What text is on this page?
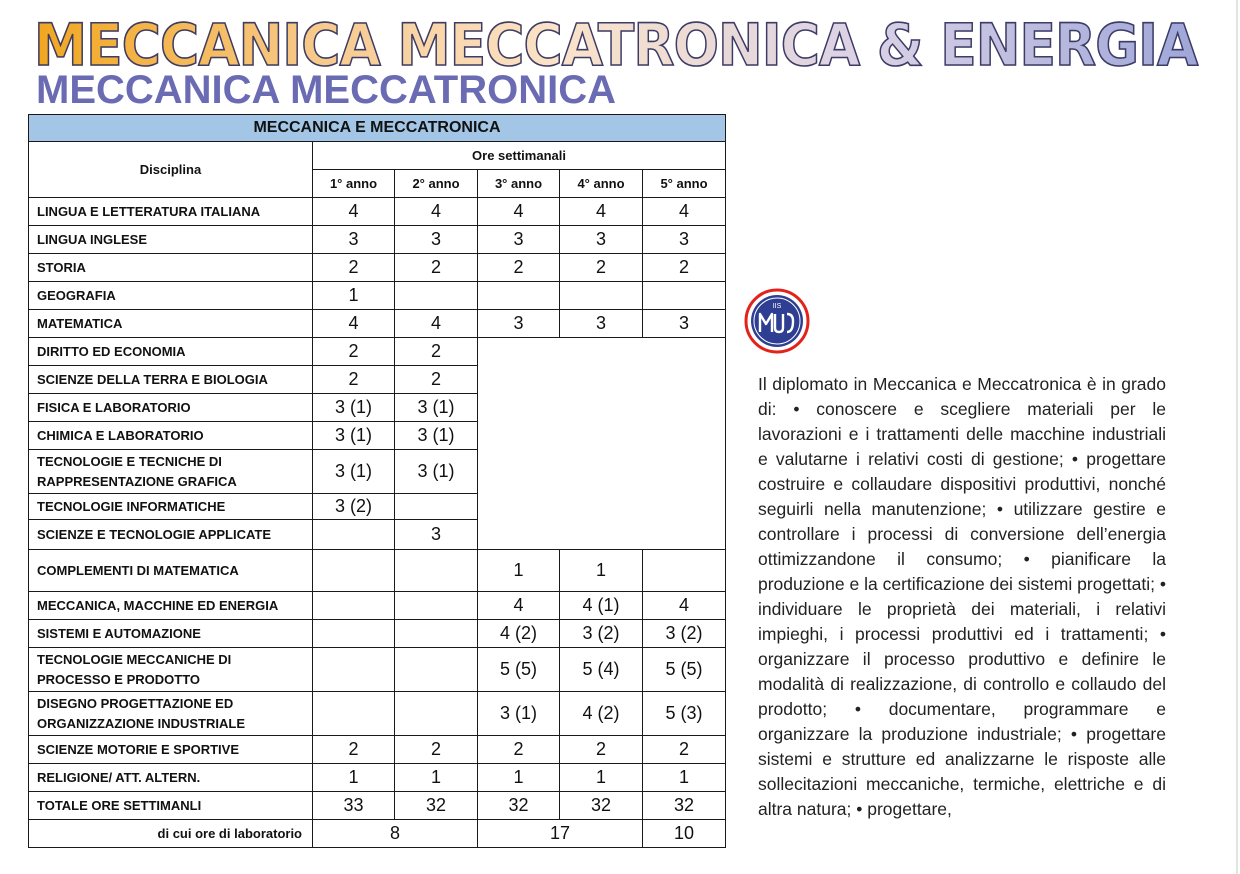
MECCANICA MECCATRONICA & ENERGIA
MECCANICA MECCATRONICA
MECCANICA E MECCATRONICA					
Disciplina	Ore settimanali				
	1° anno	2° anno	3° anno	4° anno	5° anno
LINGUA E LETTERATURA ITALIANA	4	4	4	4	4
LINGUA INGLESE	3	3	3	3	3
STORIA	2	2	2	2	2
GEOGRAFIA	1				
MATEMATICA	4	4	3	3	3
DIRITTO ED ECONOMIA	2	2			
SCIENZE DELLA TERRA E BIOLOGIA	2	2			
FISICA E LABORATORIO	3 (1)	3 (1)			
CHIMICA E LABORATORIO	3 (1)	3 (1)			
TECNOLOGIE E TECNICHE DI
RAPPRESENTAZIONE GRAFICA	3 (1)	3 (1)			
TECNOLOGIE INFORMATICHE	3 (2)				
SCIENZE E TECNOLOGIE APPLICATE		3			
COMPLEMENTI DI MATEMATICA			1	1	
MECCANICA, MACCHINE ED ENERGIA			4	4 (1)	4
SISTEMI E AUTOMAZIONE			4 (2)	3 (2)	3 (2)
TECNOLOGIE MECCANICHE DI
PROCESSO E PRODOTTO			5 (5)	5 (4)	5 (5)
DISEGNO PROGETTAZIONE ED
ORGANIZZAZIONE INDUSTRIALE			3 (1)	4 (2)	5 (3)
SCIENZE MOTORIE E SPORTIVE	2	2	2	2	2
RELIGIONE/ ATT. ALTERN.	1	1	1	1	1
TOTALE ORE SETTIMANLI	33	32	32	32	32
di cui ore di laboratorio	8		17		10
IIS

Il diplomato in Meccanica e Meccatronica è in grado di: • conoscere e scegliere materiali per le lavorazioni e i trattamenti delle macchine industriali e valutarne i relativi costi di gestione; • progettare costruire e collaudare dispositivi produttivi, nonché seguirli nella manutenzione; • utilizzare gestire e controllare i processi di conversione dell’energia ottimizzandone il consumo; • pianificare la produzione e la certificazione dei sistemi progettati; • individuare le proprietà dei materiali, i relativi impieghi, i processi produttivi ed i trattamenti; • organizzare il processo produttivo e definire le modalità di realizzazione, di controllo e collaudo del prodotto; • documentare, programmare e organizzare la produzione industriale; • progettare sistemi e strutture ed analizzarne le risposte alle sollecitazioni meccaniche, termiche, elettriche e di altra natura; • progettare,
